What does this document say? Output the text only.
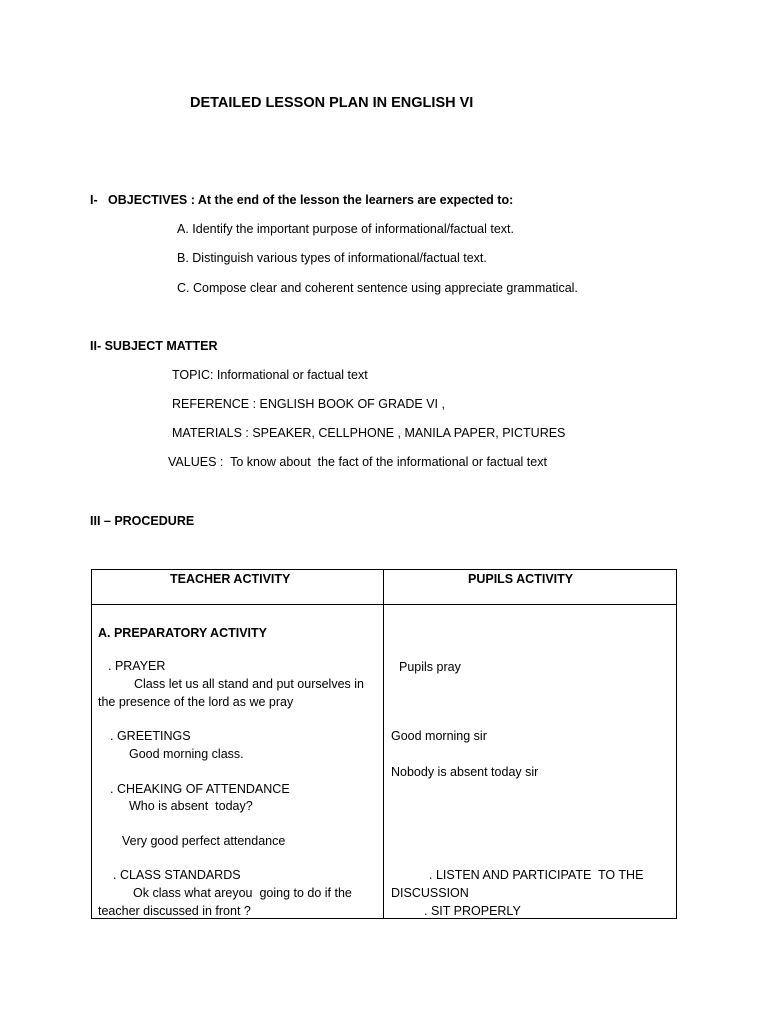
DETAILED LESSON PLAN IN ENGLISH VI
I-   OBJECTIVES : At the end of the lesson the learners are expected to:
A. Identify the important purpose of informational/factual text.
B. Distinguish various types of informational/factual text.
C. Compose clear and coherent sentence using appreciate grammatical.
II- SUBJECT MATTER
TOPIC: Informational or factual text
REFERENCE : ENGLISH BOOK OF GRADE VI ,
MATERIALS : SPEAKER, CELLPHONE , MANILA PAPER, PICTURES
VALUES :  To know about  the fact of the informational or factual text
III – PROCEDURE
TEACHER ACTIVITY	PUPILS ACTIVITY
A. PREPARATORY ACTIVITY
. PRAYER
Class let us all stand and put ourselves in
the presence of the lord as we pray
. GREETINGS
Good morning class.
. CHEAKING OF ATTENDANCE
Who is absent  today?
Very good perfect attendance
. CLASS STANDARDS
Ok class what areyou  going to do if the
teacher discussed in front ?
Pupils pray
Good morning sir
Nobody is absent today sir
. LISTEN AND PARTICIPATE  TO THE
DISCUSSION
. SIT PROPERLY
